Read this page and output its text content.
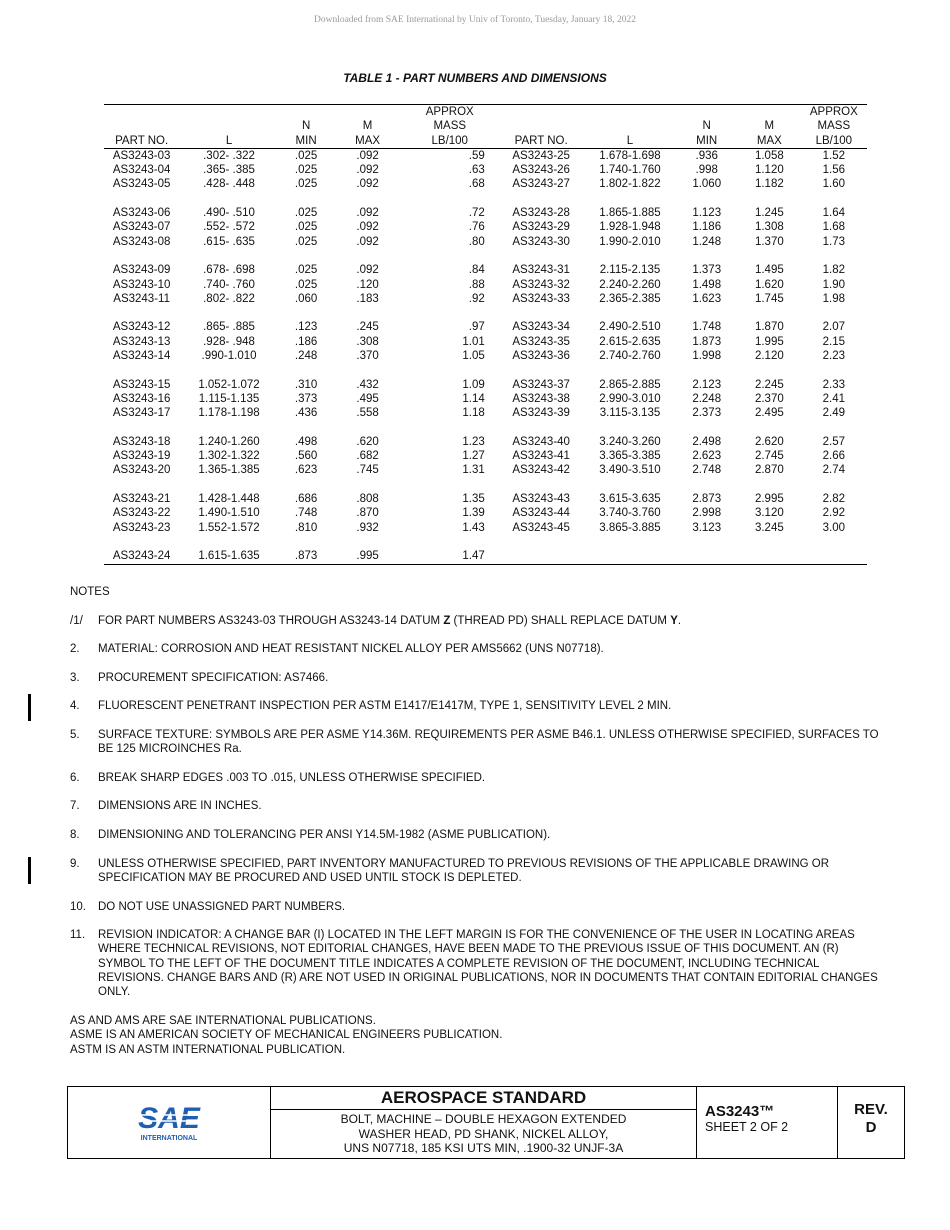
Downloaded from SAE International by Univ of Toronto, Tuesday, January 18, 2022
TABLE 1 - PART NUMBERS AND DIMENSIONS
				APPROX					APPROX
		N	M	MASS			N	M	MASS
PART NO.	L	MIN	MAX	LB/100	PART NO.	L	MIN	MAX	LB/100
AS3243-03	.302- .322	.025	.092	.59	AS3243-25	1.678-1.698	.936	1.058	1.52
AS3243-04	.365- .385	.025	.092	.63	AS3243-26	1.740-1.760	.998	1.120	1.56
AS3243-05	.428- .448	.025	.092	.68	AS3243-27	1.802-1.822	1.060	1.182	1.60

AS3243-06	.490- .510	.025	.092	.72	AS3243-28	1.865-1.885	1.123	1.245	1.64
AS3243-07	.552- .572	.025	.092	.76	AS3243-29	1.928-1.948	1.186	1.308	1.68
AS3243-08	.615- .635	.025	.092	.80	AS3243-30	1.990-2.010	1.248	1.370	1.73

AS3243-09	.678- .698	.025	.092	.84	AS3243-31	2.115-2.135	1.373	1.495	1.82
AS3243-10	.740- .760	.025	.120	.88	AS3243-32	2.240-2.260	1.498	1.620	1.90
AS3243-11	.802- .822	.060	.183	.92	AS3243-33	2.365-2.385	1.623	1.745	1.98

AS3243-12	.865- .885	.123	.245	.97	AS3243-34	2.490-2.510	1.748	1.870	2.07
AS3243-13	.928- .948	.186	.308	1.01	AS3243-35	2.615-2.635	1.873	1.995	2.15
AS3243-14	.990-1.010	.248	.370	1.05	AS3243-36	2.740-2.760	1.998	2.120	2.23

AS3243-15	1.052-1.072	.310	.432	1.09	AS3243-37	2.865-2.885	2.123	2.245	2.33
AS3243-16	1.115-1.135	.373	.495	1.14	AS3243-38	2.990-3.010	2.248	2.370	2.41
AS3243-17	1.178-1.198	.436	.558	1.18	AS3243-39	3.115-3.135	2.373	2.495	2.49

AS3243-18	1.240-1.260	.498	.620	1.23	AS3243-40	3.240-3.260	2.498	2.620	2.57
AS3243-19	1.302-1.322	.560	.682	1.27	AS3243-41	3.365-3.385	2.623	2.745	2.66
AS3243-20	1.365-1.385	.623	.745	1.31	AS3243-42	3.490-3.510	2.748	2.870	2.74

AS3243-21	1.428-1.448	.686	.808	1.35	AS3243-43	3.615-3.635	2.873	2.995	2.82
AS3243-22	1.490-1.510	.748	.870	1.39	AS3243-44	3.740-3.760	2.998	3.120	2.92
AS3243-23	1.552-1.572	.810	.932	1.43	AS3243-45	3.865-3.885	3.123	3.245	3.00

AS3243-24	1.615-1.635	.873	.995	1.47					
NOTES
/1/	FOR PART NUMBERS AS3243-03 THROUGH AS3243-14 DATUM Z (THREAD PD) SHALL REPLACE DATUM Y.
2.	MATERIAL: CORROSION AND HEAT RESISTANT NICKEL ALLOY PER AMS5662 (UNS N07718).
3.	PROCUREMENT SPECIFICATION: AS7466.
4.	FLUORESCENT PENETRANT INSPECTION PER ASTM E1417/E1417M, TYPE 1, SENSITIVITY LEVEL 2 MIN.
5.	SURFACE TEXTURE: SYMBOLS ARE PER ASME Y14.36M. REQUIREMENTS PER ASME B46.1. UNLESS OTHERWISE SPECIFIED, SURFACES TO BE 125 MICROINCHES Ra.
6.	BREAK SHARP EDGES .003 TO .015, UNLESS OTHERWISE SPECIFIED.
7.	DIMENSIONS ARE IN INCHES.
8.	DIMENSIONING AND TOLERANCING PER ANSI Y14.5M-1982 (ASME PUBLICATION).
9.	UNLESS OTHERWISE SPECIFIED, PART INVENTORY MANUFACTURED TO PREVIOUS REVISIONS OF THE APPLICABLE DRAWING OR SPECIFICATION MAY BE PROCURED AND USED UNTIL STOCK IS DEPLETED.
10.	DO NOT USE UNASSIGNED PART NUMBERS.
11.	REVISION INDICATOR: A CHANGE BAR (I) LOCATED IN THE LEFT MARGIN IS FOR THE CONVENIENCE OF THE USER IN LOCATING AREAS WHERE TECHNICAL REVISIONS, NOT EDITORIAL CHANGES, HAVE BEEN MADE TO THE PREVIOUS ISSUE OF THIS DOCUMENT. AN (R) SYMBOL TO THE LEFT OF THE DOCUMENT TITLE INDICATES A COMPLETE REVISION OF THE DOCUMENT, INCLUDING TECHNICAL REVISIONS. CHANGE BARS AND (R) ARE NOT USED IN ORIGINAL PUBLICATIONS, NOR IN DOCUMENTS THAT CONTAIN EDITORIAL CHANGES ONLY.
AS AND AMS ARE SAE INTERNATIONAL PUBLICATIONS.
ASME IS AN AMERICAN SOCIETY OF MECHANICAL ENGINEERS PUBLICATION.
ASTM IS AN ASTM INTERNATIONAL PUBLICATION.
SAE
INTERNATIONAL
AEROSPACE STANDARD
BOLT, MACHINE – DOUBLE HEXAGON EXTENDED
WASHER HEAD, PD SHANK, NICKEL ALLOY,
UNS N07718, 185 KSI UTS MIN, .1900-32 UNJF-3A
AS3243™
SHEET 2 OF 2
REV.
D
